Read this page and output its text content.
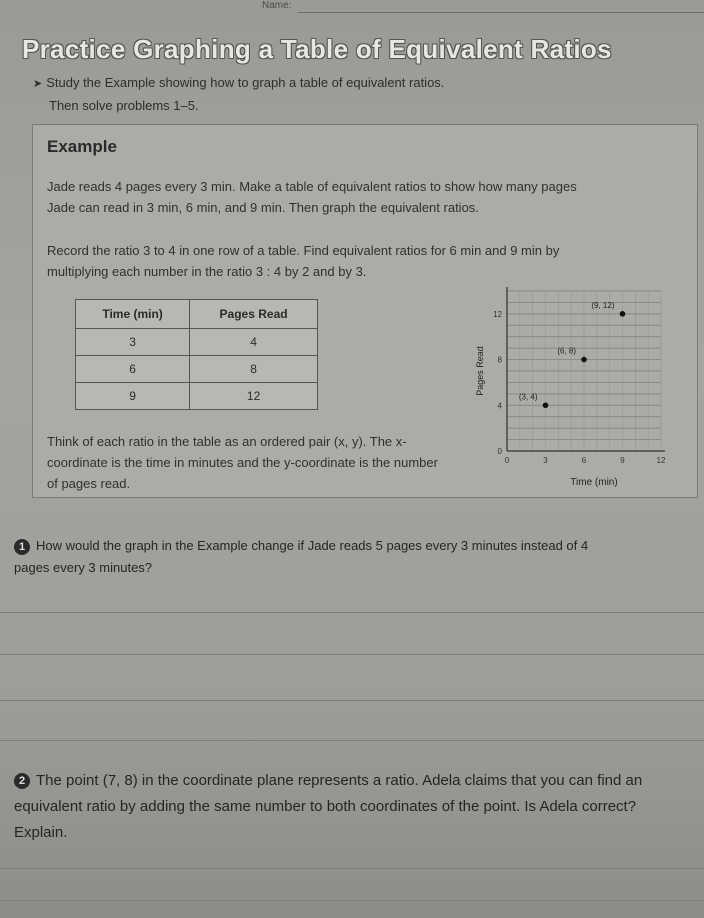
Name:
Practice Graphing a Table of Equivalent Ratios
➤ Study the Example showing how to graph a table of equivalent ratios.
Then solve problems 1–5.
Example
Jade reads 4 pages every 3 min. Make a table of equivalent ratios to show how many pages Jade can read in 3 min, 6 min, and 9 min. Then graph the equivalent ratios.
Record the ratio 3 to 4 in one row of a table. Find equivalent ratios for 6 min and 9 min by multiplying each number in the ratio 3 : 4 by 2 and by 3.
Time (min)	Pages Read
3	4
6	8
9	12
Think of each ratio in the table as an ordered pair (x, y). The x-coordinate is the time in minutes and the y-coordinate is the number of pages read.
0	3	6	9	12
0
4
8
12
Time (min)
Pages Read
(3, 4)
(6, 8)
(9, 12)
1 How would the graph in the Example change if Jade reads 5 pages every 3 minutes instead of 4 pages every 3 minutes?
2 The point (7, 8) in the coordinate plane represents a ratio. Adela claims that you can find an equivalent ratio by adding the same number to both coordinates of the point. Is Adela correct? Explain.
